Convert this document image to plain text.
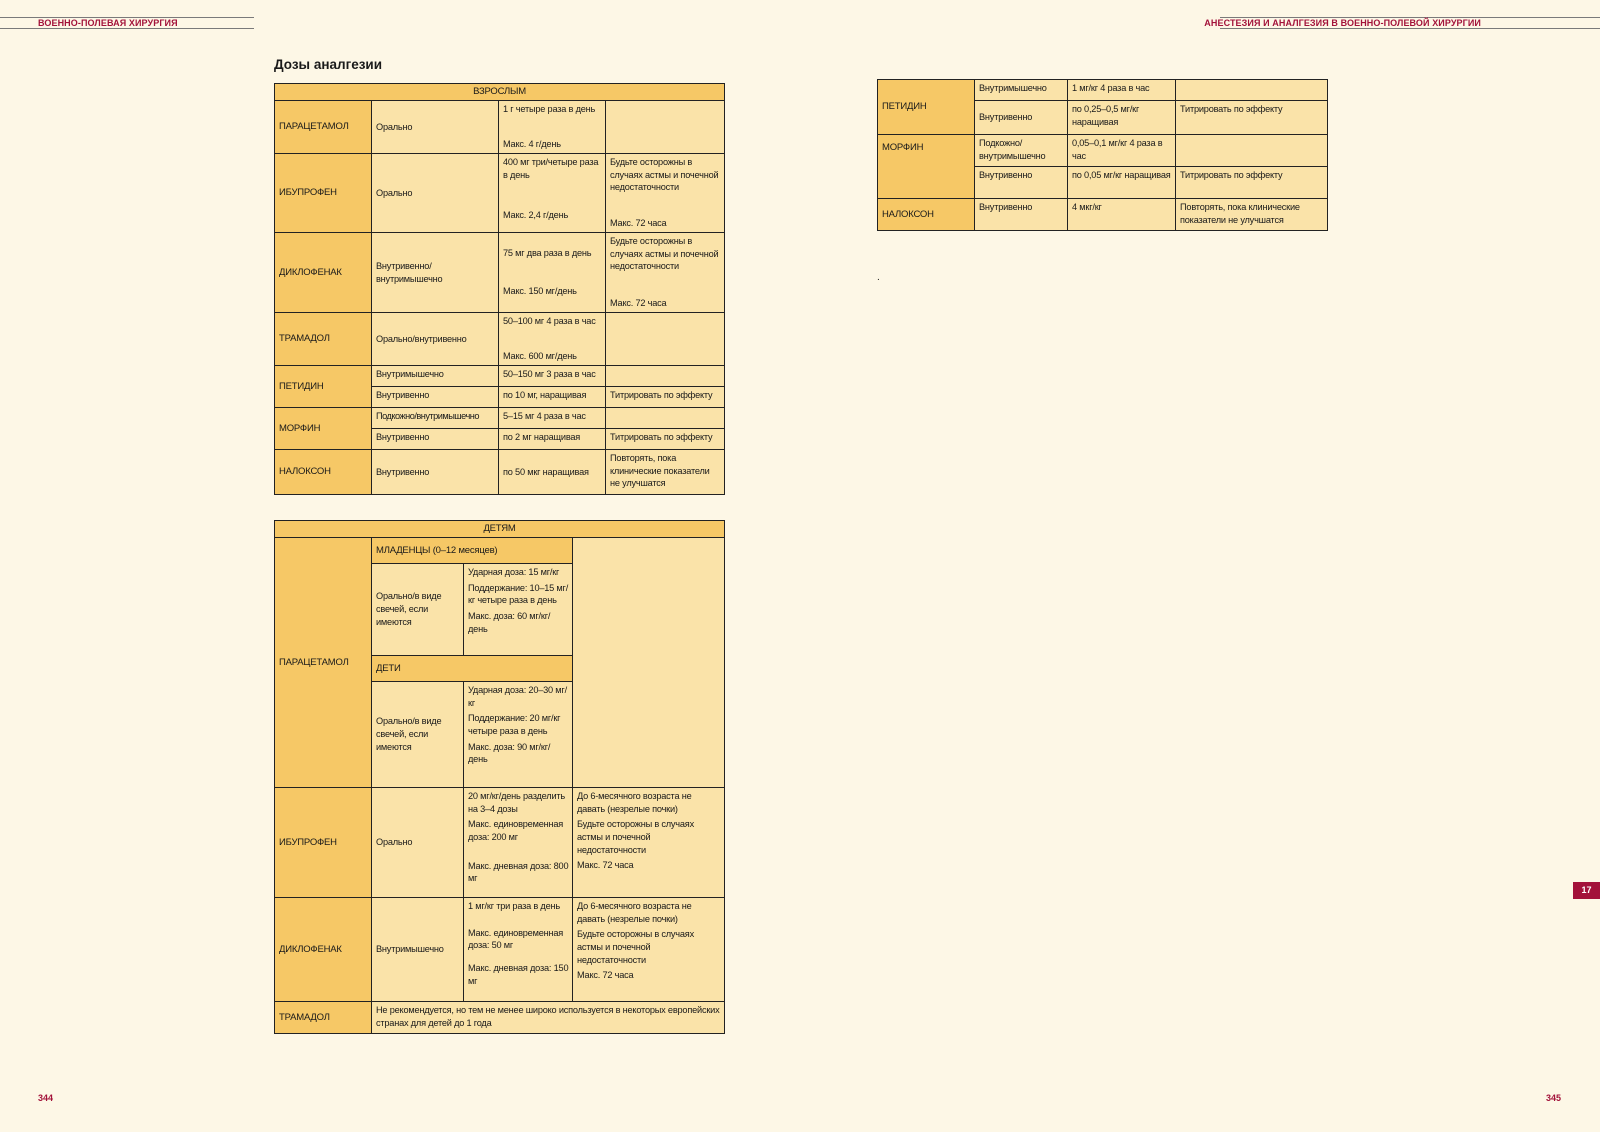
ВОЕННО-ПОЛЕВАЯ ХИРУРГИЯ	АНЕСТЕЗИЯ И АНАЛГЕЗИЯ В ВОЕННО-ПОЛЕВОЙ ХИРУРГИИ
344	345
17
Дозы аналгезии
.
ВЗРОСЛЫМ			
ПАРАЦЕТАМОЛ	Орально	1 г четыре раза в день
Макс. 4 г/день	

ИБУПРОФЕН	Орально	400 мг три/четыре раза в день
Макс. 2,4 г/день	Будьте осторожны в случаях астмы и почечной недостаточности
Макс. 72 часа

ДИКЛОФЕНАК	Внутривенно/ внутримышечно	75 мг два раза в день
Макс. 150 мг/день	Будьте осторожны в случаях астмы и почечной недостаточности
Макс. 72 часа

ТРАМАДОЛ	Орально/внутривенно	50–100 мг 4 раза в час
Макс. 600 мг/день	

ПЕТИДИН	Внутримышечно	50–150 мг 3 раза в час	
	Внутривенно	по 10 мг, наращивая	Титрировать по эффекту
МОРФИН	Подкожно/внутримышечно	5–15 мг 4 раза в час	
	Внутривенно	по 2 мг наращивая	Титрировать по эффекту
НАЛОКСОН	Внутривенно	по 50 мкг наращивая	Повторять, пока клинические показатели не улучшатся
ДЕТЯМ			
ПАРАЦЕТАМОЛ	МЛАДЕНЦЫ (0–12 месяцев)		
	Орально/в виде свечей, если имеются	Ударная доза: 15 мг/кг
Поддержание: 10–15 мг/кг четыре раза в день
Макс. доза: 60 мг/кг/день	

	ДЕТИ		
	Орально/в виде свечей, если имеются	Ударная доза: 20–30 мг/кг
Поддержание: 20 мг/кг четыре раза в день
Макс. доза: 90 мг/кг/день	

ИБУПРОФЕН	Орально	20 мг/кг/день разделить на 3–4 дозы
Макс. единовременная доза: 200 мг
Макс. дневная доза: 800 мг	До 6-месячного возраста не давать (незрелые почки)
Будьте осторожны в случаях астмы и почечной недостаточности
Макс. 72 часа

ДИКЛОФЕНАК	Внутримышечно	1 мг/кг три раза в день
Макс. единовременная доза: 50 мг
Макс. дневная доза: 150 мг	До 6-месячного возраста не давать (незрелые почки)
Будьте осторожны в случаях астмы и почечной недостаточности
Макс. 72 часа

ТРАМАДОЛ	Не рекомендуется, но тем не менее широко используется в некоторых европейских странах для детей до 1 года		
ПЕТИДИН	Внутримышечно	1 мг/кг 4 раза в час	
	Внутривенно	по 0,25–0,5 мг/кг наращивая	Титрировать по эффекту
МОРФИН	Подкожно/внутримышечно	0,05–0,1 мг/кг 4 раза в час	
	Внутривенно	по 0,05 мг/кг наращивая	Титрировать по эффекту
НАЛОКСОН	Внутривенно	4 мкг/кг	Повторять, пока клинические показатели не улучшатся
